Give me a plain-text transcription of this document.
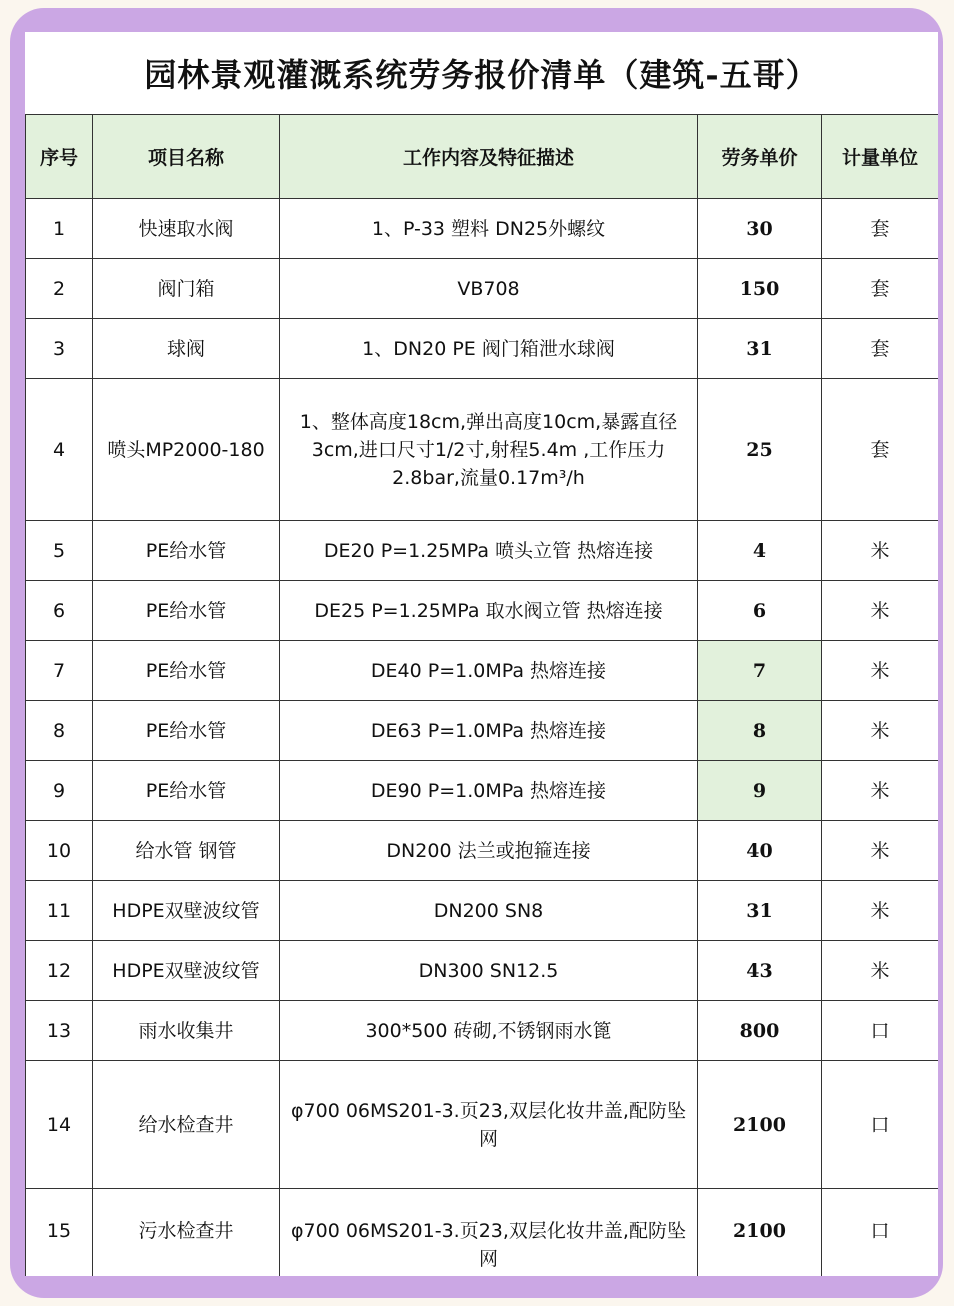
园林景观灌溉系统劳务报价清单（建筑-五哥）
序号	项目名称	工作内容及特征描述	劳务单价	计量单位
1	快速取水阀	1、P-33 塑料 DN25外螺纹	30	套
2	阀门箱	VB708	150	套
3	球阀	1、DN20 PE 阀门箱泄水球阀	31	套
4	喷头MP2000-180	1、整体高度18cm,弹出高度10cm,暴露直径3cm,进口尺寸1/2寸,射程5.4m ,工作压力2.8bar,流量0.17m³/h	25	套
5	PE给水管	DE20 P=1.25MPa 喷头立管 热熔连接	4	米
6	PE给水管	DE25 P=1.25MPa 取水阀立管 热熔连接	6	米
7	PE给水管	DE40 P=1.0MPa 热熔连接	7	米
8	PE给水管	DE63 P=1.0MPa 热熔连接	8	米
9	PE给水管	DE90 P=1.0MPa 热熔连接	9	米
10	给水管 钢管	DN200 法兰或抱箍连接	40	米
11	HDPE双壁波纹管	DN200 SN8	31	米
12	HDPE双壁波纹管	DN300 SN12.5	43	米
13	雨水收集井	300*500 砖砌,不锈钢雨水篦	800	口
14	给水检查井	φ700 06MS201-3.页23,双层化妆井盖,配防坠网	2100	口
15	污水检查井	φ700 06MS201-3.页23,双层化妆井盖,配防坠网	2100	口
